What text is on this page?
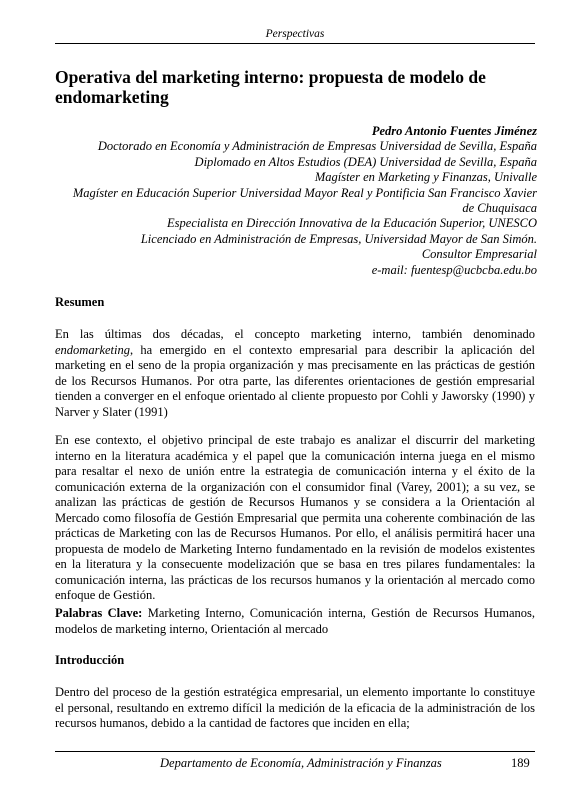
Perspectivas
Operativa del marketing interno: propuesta de modelo de endomarketing
Pedro Antonio Fuentes Jiménez
Doctorado en Economía y Administración de Empresas Universidad de Sevilla, España
Diplomado en Altos Estudios (DEA) Universidad de Sevilla, España
Magíster en Marketing y Finanzas, Univalle
Magíster en Educación Superior Universidad Mayor Real y Pontificia San Francisco Xavier
de Chuquisaca
Especialista en Dirección Innovativa de la Educación Superior, UNESCO
Licenciado en Administración de Empresas, Universidad Mayor de San Simón.
Consultor Empresarial
e-mail: fuentesp@ucbcba.edu.bo
Resumen

En las últimas dos décadas, el concepto marketing interno, también denominado endomarketing, ha emergido en el contexto empresarial para describir la aplicación del marketing en el seno de la propia organización y mas precisamente en las prácticas de gestión de los Recursos Humanos. Por otra parte, las diferentes orientaciones de gestión empresarial tienden a converger en el enfoque orientado al cliente propuesto por Cohli y Jaworsky (1990) y Narver y Slater (1991)

En ese contexto, el objetivo principal de este trabajo es analizar el discurrir del marketing interno en la literatura académica y el papel que la comunicación interna juega en el mismo para resaltar el nexo de unión entre la estrategia de comunicación interna y el éxito de la comunicación externa de la organización con el consumidor final (Varey, 2001); a su vez, se analizan las prácticas de gestión de Recursos Humanos y se considera a la Orientación al Mercado como filosofía de Gestión Empresarial que permita una coherente combinación de las prácticas de Marketing con las de Recursos Humanos. Por ello, el análisis permitirá hacer una propuesta de modelo de Marketing Interno fundamentado en la revisión de modelos existentes en la literatura y la consecuente modelización que se basa en tres pilares fundamentales: la comunicación interna, las prácticas de los recursos humanos y la orientación al mercado como enfoque de Gestión.

Palabras Clave: Marketing Interno, Comunicación interna, Gestión de Recursos Humanos, modelos de marketing interno, Orientación al mercado

Introducción

Dentro del proceso de la gestión estratégica empresarial, un elemento importante lo constituye el personal, resultando en extremo difícil la medición de la eficacia de la administración de los recursos humanos, debido a la cantidad de factores que inciden en ella;

Departamento de Economía, Administración y Finanzas	189
